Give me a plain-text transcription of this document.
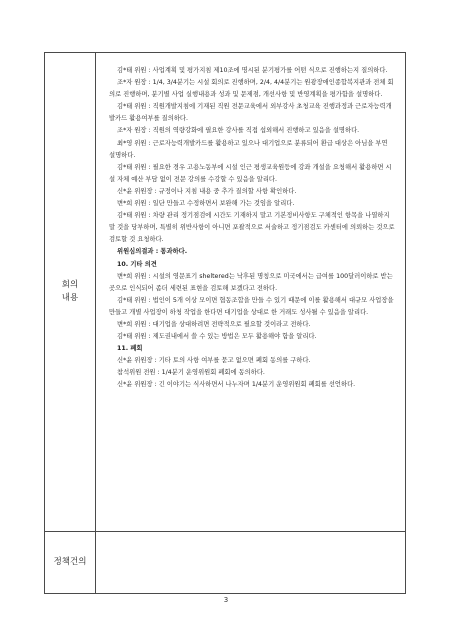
회의
내용
정책건의

김*태 위원 : 사업계획 및 평가지침 제10조에 명시된 분기평가를 어떤 식으로 진행하는지 질의하다.

조*자 원장 : 1/4, 3/4분기는 시설 회의로 진행하며, 2/4, 4/4분기는 원광장애인종합복지관과 전체 회의로 진행하며, 분기별 사업 실행내용과 성과 및 문제점, 개선사항 및 반영계획을 평가함을 설명하다.

김*태 위원 : 직원개발지침에 기재된 직원 전문교육에서 외부강사 초청교육 진행과정과 근로자능력개발카드 활용여부를 질의하다.

조*자 원장 : 직원의 역량강화에 필요한 강사를 직접 섭외해서 진행하고 있음을 설명하다.

최*영 위원 : 근로자능력개발카드를 활용하고 있으나 대기업으로 분류되어 환급 대상은 아님을 부연 설명하다.

김*태 위원 : 필요한 경우 고용노동부에 시설 인근 평생교육원등에 강좌 개설을 요청해서 활용하면 시설 자체 예산 부담 없이 전문 강의를 수강할 수 있음을 알리다.

신*윤 위원장 : 규정이나 지침 내용 중 추가 질의할 사항 확인하다.

변*희 위원 : 일단 만들고 수정하면서 보완해 가는 것임을 알리다.

김*태 위원 : 차량 관리 정기점검에 시간도 기재하지 말고 기본정비사항도 구체적인 항목을 나열하지 말 것을 당부하며, 특별히 위반사항이 아니면 포괄적으로 서술하고 정기점검도 카센터에 의뢰하는 것으로 검토할 것 요청하다.

위원심의결과 : 통과하다.

10. 기타 의견

변*희 위원 : 시설의 영문표기 sheltered는 낙후된 명칭으로 미국에서는 급여를 100달러이하로 받는 곳으로 인식되어 좀더 세련된 표현을 검토해 보겠다고 전하다.

김*태 위원 : 법인이 5개 이상 모이면 협동조합을 만들 수 있기 때문에 이를 활용해서 대규모 사업장을 만들고 개별 사업장이 하청 작업을 한다면 대기업을 상대로 한 거래도 성사될 수 있음을 알리다.

변*희 위원 : 대기업을 상대하려면 전략적으로 필요할 것이라고 전하다.

김*태 위원 : 제도권내에서 쓸 수 있는 방법은 모두 활용해야 함을 알리다.

11. 폐회

신*윤 위원장 : 기타 토의 사항 여부를 묻고 없으면 폐회 동의를 구하다.

참석위원 전원 : 1/4분기 운영위원회 폐회에 동의하다.

신*윤 위원장 : 긴 이야기는 식사하면서 나누자며 1/4분기 운영위원회 폐회를 선언하다.

3
